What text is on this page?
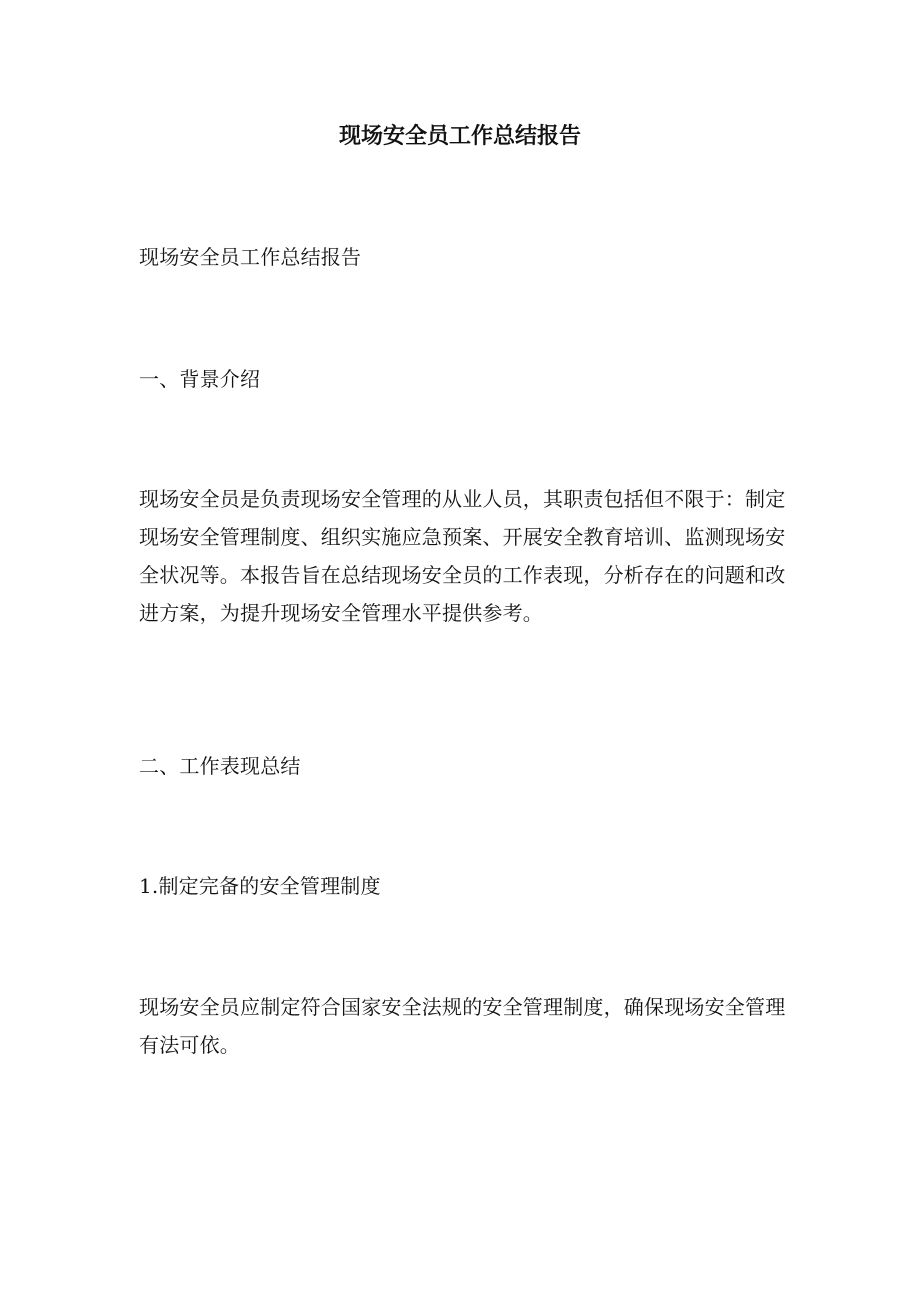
现场安全员工作总结报告
现场安全员工作总结报告
一、背景介绍
现场安全员是负责现场安全管理的从业人员，其职责包括但不限于：制定现场安全管理制度、组织实施应急预案、开展安全教育培训、监测现场安全状况等。本报告旨在总结现场安全员的工作表现，分析存在的问题和改进方案，为提升现场安全管理水平提供参考。
二、工作表现总结
1.制定完备的安全管理制度
现场安全员应制定符合国家安全法规的安全管理制度，确保现场安全管理有法可依。
